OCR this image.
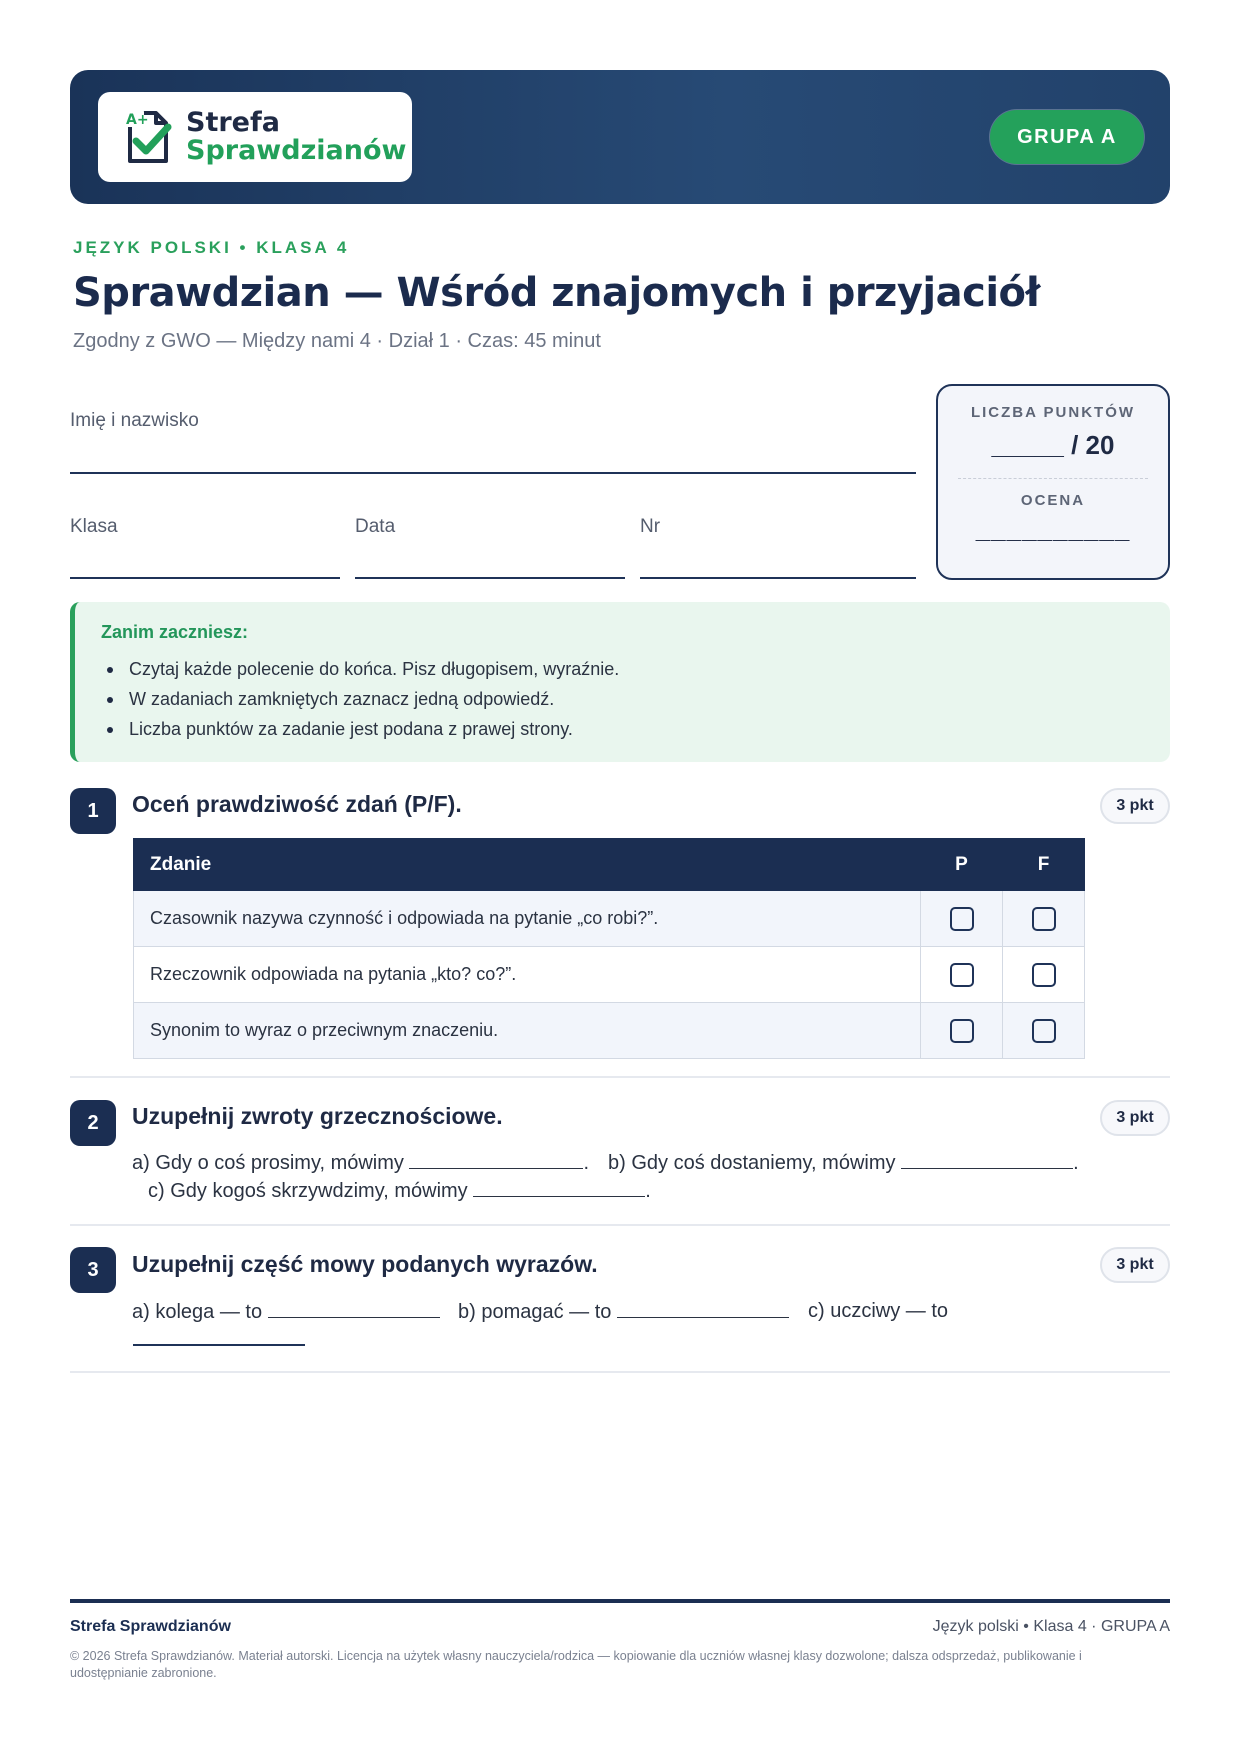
A+ Strefa
Sprawdzianów	GRUPA A
JĘZYK POLSKI • KLASA 4
Sprawdzian — Wśród znajomych i przyjaciół
Zgodny z GWO — Między nami 4 · Dział 1 · Czas: 45 minut
Imię i nazwisko
Klasa	Data	Nr
LICZBA PUNKTÓW
_____ / 20
OCENA
__________
Zanim zaczniesz:
Czytaj każde polecenie do końca. Pisz długopisem, wyraźnie.
W zadaniach zamkniętych zaznacz jedną odpowiedź.
Liczba punktów za zadanie jest podana z prawej strony.
1	Oceń prawdziwość zdań (P/F).	3 pkt
Zdanie	P	F
Czasownik nazywa czynność i odpowiada na pytanie „co robi?”.		
Rzeczownik odpowiada na pytania „kto? co?”.		
Synonim to wyraz o przeciwnym znaczeniu.		
2	Uzupełnij zwroty grzecznościowe.	3 pkt
a) Gdy o coś prosimy, mówimy	. b) Gdy coś dostaniemy, mówimy	.
c) Gdy kogoś skrzywdzimy, mówimy	.
3	Uzupełnij część mowy podanych wyrazów.	3 pkt
a) kolega — to	b) pomagać — to	c) uczciwy — to
Strefa Sprawdzianów	Język polski • Klasa 4 · GRUPA A
© 2026 Strefa Sprawdzianów. Materiał autorski. Licencja na użytek własny nauczyciela/rodzica — kopiowanie dla uczniów własnej klasy dozwolone; dalsza odsprzedaż, publikowanie i udostępnianie zabronione.
